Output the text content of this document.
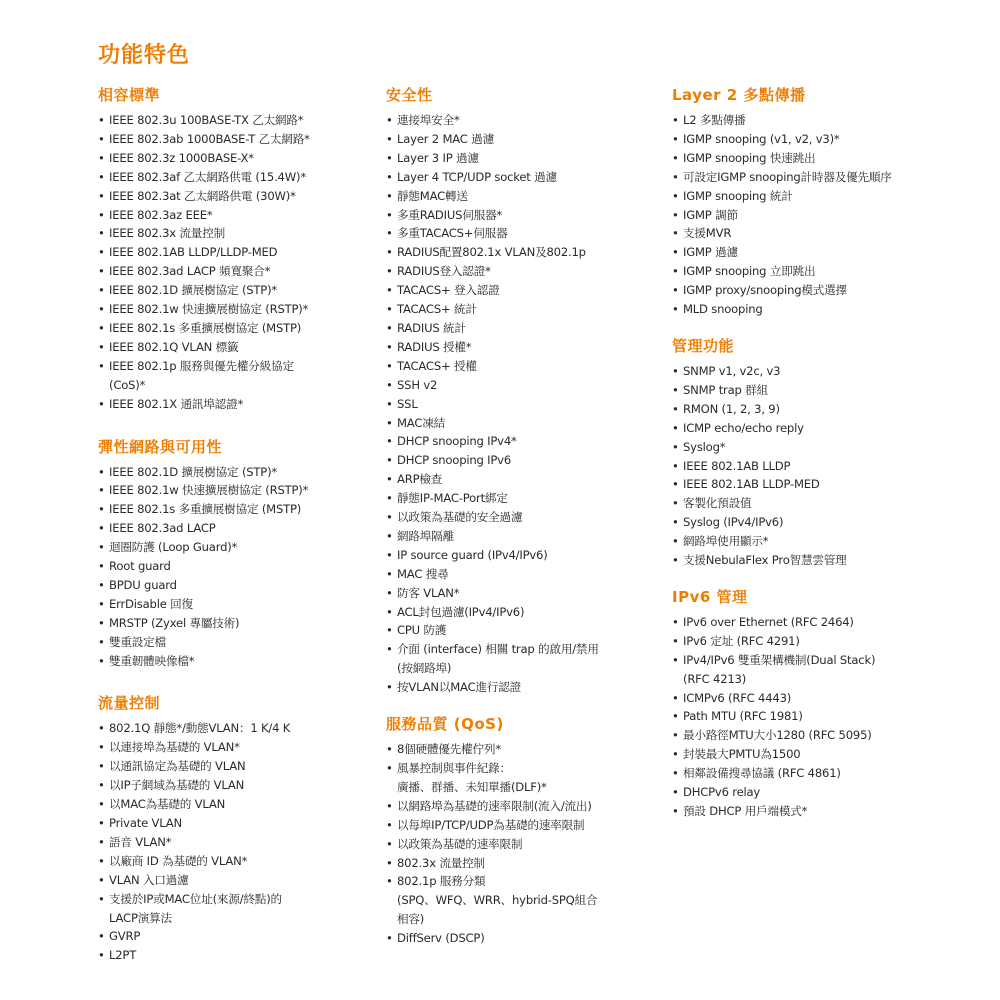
功能特色
相容標準
• IEEE 802.3u 100BASE-TX 乙太網路*
• IEEE 802.3ab 1000BASE-T 乙太網路*
• IEEE 802.3z 1000BASE-X*
• IEEE 802.3af 乙太網路供電 (15.4W)*
• IEEE 802.3at 乙太網路供電 (30W)*
• IEEE 802.3az EEE*
• IEEE 802.3x 流量控制
• IEEE 802.1AB LLDP/LLDP-MED
• IEEE 802.3ad LACP 頻寬聚合*
• IEEE 802.1D 擴展樹協定 (STP)*
• IEEE 802.1w 快速擴展樹協定 (RSTP)*
• IEEE 802.1s 多重擴展樹協定 (MSTP)
• IEEE 802.1Q VLAN 標籤
• IEEE 802.1p 服務與優先權分級協定
(CoS)*
• IEEE 802.1X 通訊埠認證*
彈性網路與可用性
• IEEE 802.1D 擴展樹協定 (STP)*
• IEEE 802.1w 快速擴展樹協定 (RSTP)*
• IEEE 802.1s 多重擴展樹協定 (MSTP)
• IEEE 802.3ad LACP
• 迴圈防護 (Loop Guard)*
• Root guard
• BPDU guard
• ErrDisable 回復
• MRSTP (Zyxel 專屬技術)
• 雙重設定檔
• 雙重韌體映像檔*
流量控制
• 802.1Q 靜態*/動態VLAN：1 K/4 K
• 以連接埠為基礎的 VLAN*
• 以通訊協定為基礎的 VLAN
• 以IP子網域為基礎的 VLAN
• 以MAC為基礎的 VLAN
• Private VLAN
• 語音 VLAN*
• 以廠商 ID 為基礎的 VLAN*
• VLAN 入口過濾
• 支援於IP或MAC位址(來源/終點)的
LACP演算法
• GVRP
• L2PT
安全性
• 連接埠安全*
• Layer 2 MAC 過濾
• Layer 3 IP 過濾
• Layer 4 TCP/UDP socket 過濾
• 靜態MAC轉送
• 多重RADIUS伺服器*
• 多重TACACS+伺服器
• RADIUS配置802.1x VLAN及802.1p
• RADIUS登入認證*
• TACACS+ 登入認證
• TACACS+ 統計
• RADIUS 統計
• RADIUS 授權*
• TACACS+ 授權
• SSH v2
• SSL
• MAC凍結
• DHCP snooping IPv4*
• DHCP snooping IPv6
• ARP檢查
• 靜態IP-MAC-Port綁定
• 以政策為基礎的安全過濾
• 網路埠隔離
• IP source guard (IPv4/IPv6)
• MAC 搜尋
• 防客 VLAN*
• ACL封包過濾(IPv4/IPv6)
• CPU 防護
• 介面 (interface) 相關 trap 的啟用/禁用
(按網路埠)
• 按VLAN以MAC進行認證
服務品質 (QoS)
• 8個硬體優先權佇列*
• 風暴控制與事件紀錄：
廣播、群播、未知單播(DLF)*
• 以網路埠為基礎的速率限制(流入/流出)
• 以每埠IP/TCP/UDP為基礎的速率限制
• 以政策為基礎的速率限制
• 802.3x 流量控制
• 802.1p 服務分類
(SPQ、WFQ、WRR、hybrid-SPQ組合
相容)
• DiffServ (DSCP)
Layer 2 多點傳播
• L2 多點傳播
• IGMP snooping (v1, v2, v3)*
• IGMP snooping 快速跳出
• 可設定IGMP snooping計時器及優先順序
• IGMP snooping 統計
• IGMP 調節
• 支援MVR
• IGMP 過濾
• IGMP snooping 立即跳出
• IGMP proxy/snooping模式選擇
• MLD snooping
管理功能
• SNMP v1, v2c, v3
• SNMP trap 群組
• RMON (1, 2, 3, 9)
• ICMP echo/echo reply
• Syslog*
• IEEE 802.1AB LLDP
• IEEE 802.1AB LLDP-MED
• 客製化預設值
• Syslog (IPv4/IPv6)
• 網路埠使用顯示*
• 支援NebulaFlex Pro智慧雲管理
IPv6 管理
• IPv6 over Ethernet (RFC 2464)
• IPv6 定址 (RFC 4291)
• IPv4/IPv6 雙重架構機制(Dual Stack)
(RFC 4213)
• ICMPv6 (RFC 4443)
• Path MTU (RFC 1981)
• 最小路徑MTU大小1280 (RFC 5095)
• 封裝最大PMTU為1500
• 相鄰設備搜尋協議 (RFC 4861)
• DHCPv6 relay
• 預設 DHCP 用戶端模式*
